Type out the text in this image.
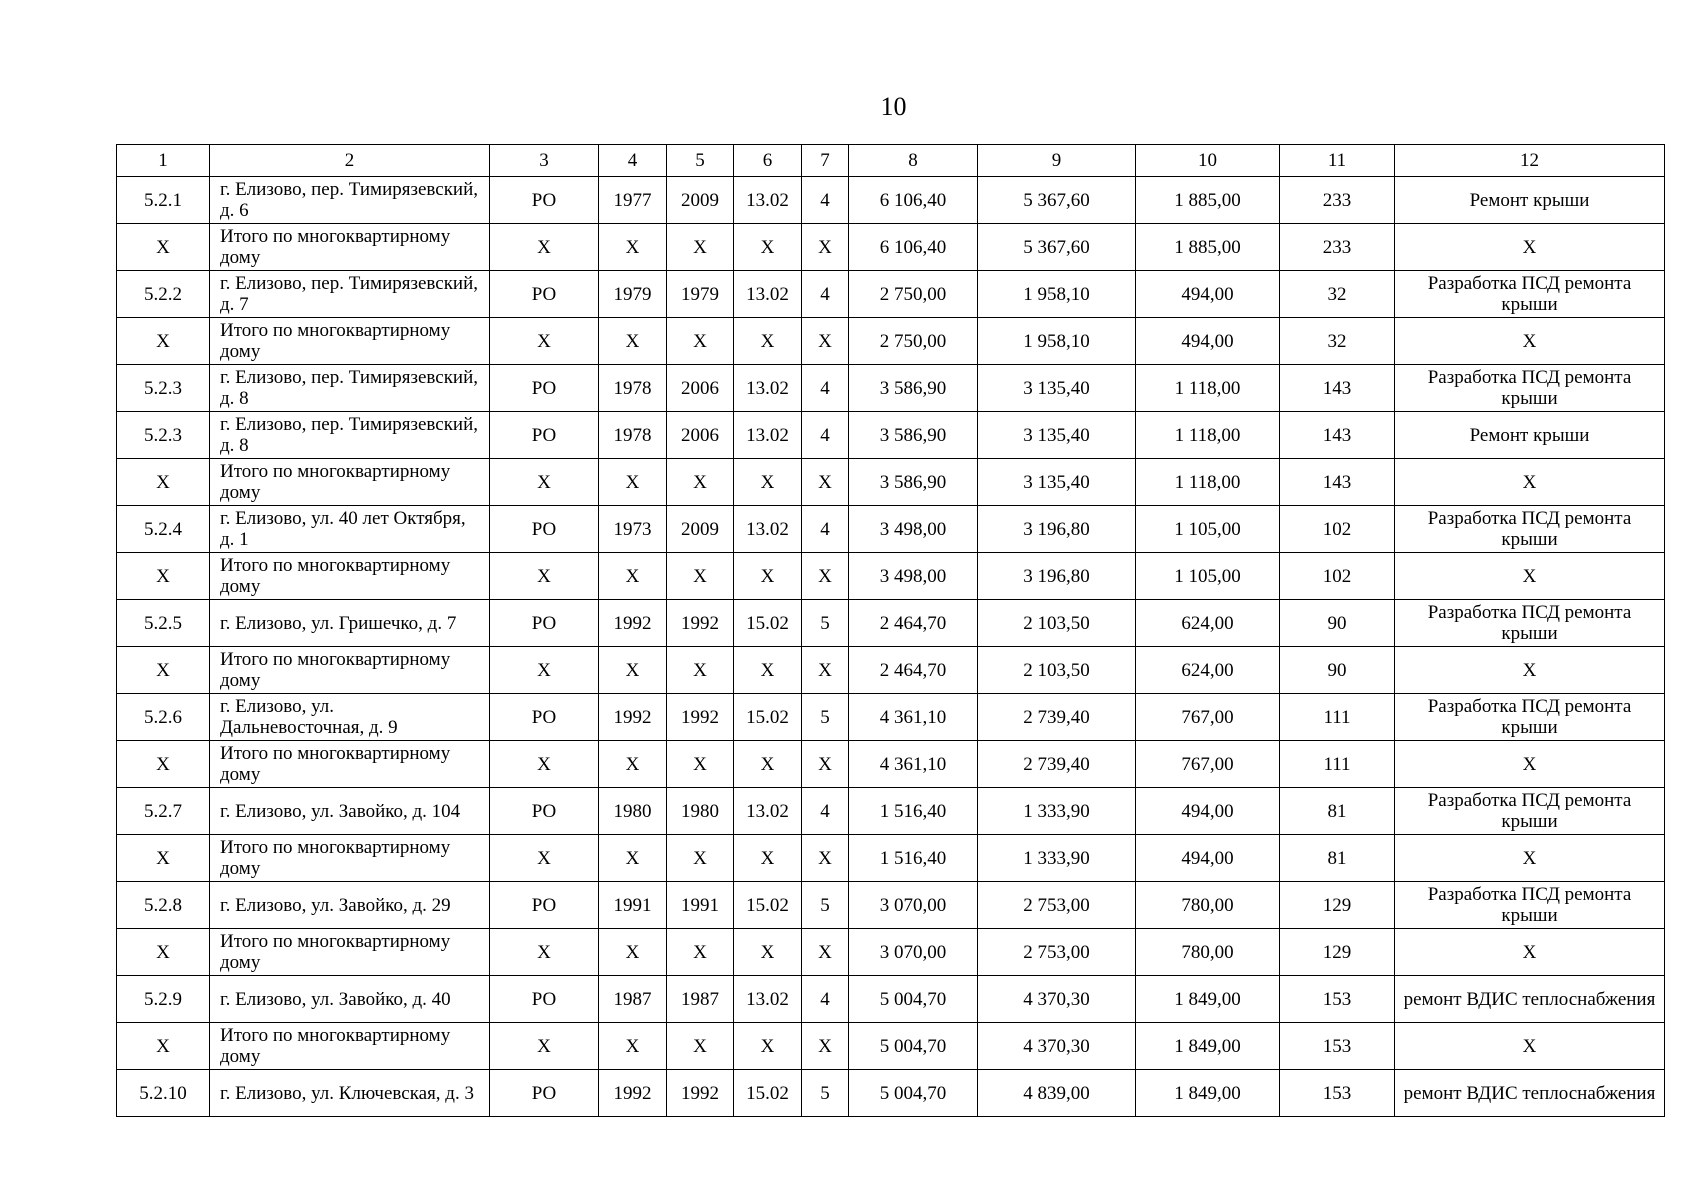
10
1	2	3	4	5	6	7	8	9	10	11	12
5.2.1	г. Елизово, пер. Тимирязевский, д. 6	РО	1977	2009	13.02	4	6 106,40	5 367,60	1 885,00	233	Ремонт крыши
Х	Итого по многоквартирному дому	Х	Х	Х	Х	Х	6 106,40	5 367,60	1 885,00	233	Х
5.2.2	г. Елизово, пер. Тимирязевский, д. 7	РО	1979	1979	13.02	4	2 750,00	1 958,10	494,00	32	Разработка ПСД ремонта крыши
Х	Итого по многоквартирному дому	Х	Х	Х	Х	Х	2 750,00	1 958,10	494,00	32	Х
5.2.3	г. Елизово, пер. Тимирязевский, д. 8	РО	1978	2006	13.02	4	3 586,90	3 135,40	1 118,00	143	Разработка ПСД ремонта крыши
5.2.3	г. Елизово, пер. Тимирязевский, д. 8	РО	1978	2006	13.02	4	3 586,90	3 135,40	1 118,00	143	Ремонт крыши
Х	Итого по многоквартирному дому	Х	Х	Х	Х	Х	3 586,90	3 135,40	1 118,00	143	Х
5.2.4	г. Елизово, ул. 40 лет Октября, д. 1	РО	1973	2009	13.02	4	3 498,00	3 196,80	1 105,00	102	Разработка ПСД ремонта крыши
Х	Итого по многоквартирному дому	Х	Х	Х	Х	Х	3 498,00	3 196,80	1 105,00	102	Х
5.2.5	г. Елизово, ул. Гришечко, д. 7	РО	1992	1992	15.02	5	2 464,70	2 103,50	624,00	90	Разработка ПСД ремонта крыши
Х	Итого по многоквартирному дому	Х	Х	Х	Х	Х	2 464,70	2 103,50	624,00	90	Х
5.2.6	г. Елизово, ул. Дальневосточная, д. 9	РО	1992	1992	15.02	5	4 361,10	2 739,40	767,00	111	Разработка ПСД ремонта крыши
Х	Итого по многоквартирному дому	Х	Х	Х	Х	Х	4 361,10	2 739,40	767,00	111	Х
5.2.7	г. Елизово, ул. Завойко, д. 104	РО	1980	1980	13.02	4	1 516,40	1 333,90	494,00	81	Разработка ПСД ремонта крыши
Х	Итого по многоквартирному дому	Х	Х	Х	Х	Х	1 516,40	1 333,90	494,00	81	Х
5.2.8	г. Елизово, ул. Завойко, д. 29	РО	1991	1991	15.02	5	3 070,00	2 753,00	780,00	129	Разработка ПСД ремонта крыши
Х	Итого по многоквартирному дому	Х	Х	Х	Х	Х	3 070,00	2 753,00	780,00	129	Х
5.2.9	г. Елизово, ул. Завойко, д. 40	РО	1987	1987	13.02	4	5 004,70	4 370,30	1 849,00	153	ремонт ВДИС теплоснабжения
Х	Итого по многоквартирному дому	Х	Х	Х	Х	Х	5 004,70	4 370,30	1 849,00	153	Х
5.2.10	г. Елизово, ул. Ключевская, д. 3	РО	1992	1992	15.02	5	5 004,70	4 839,00	1 849,00	153	ремонт ВДИС теплоснабжения
